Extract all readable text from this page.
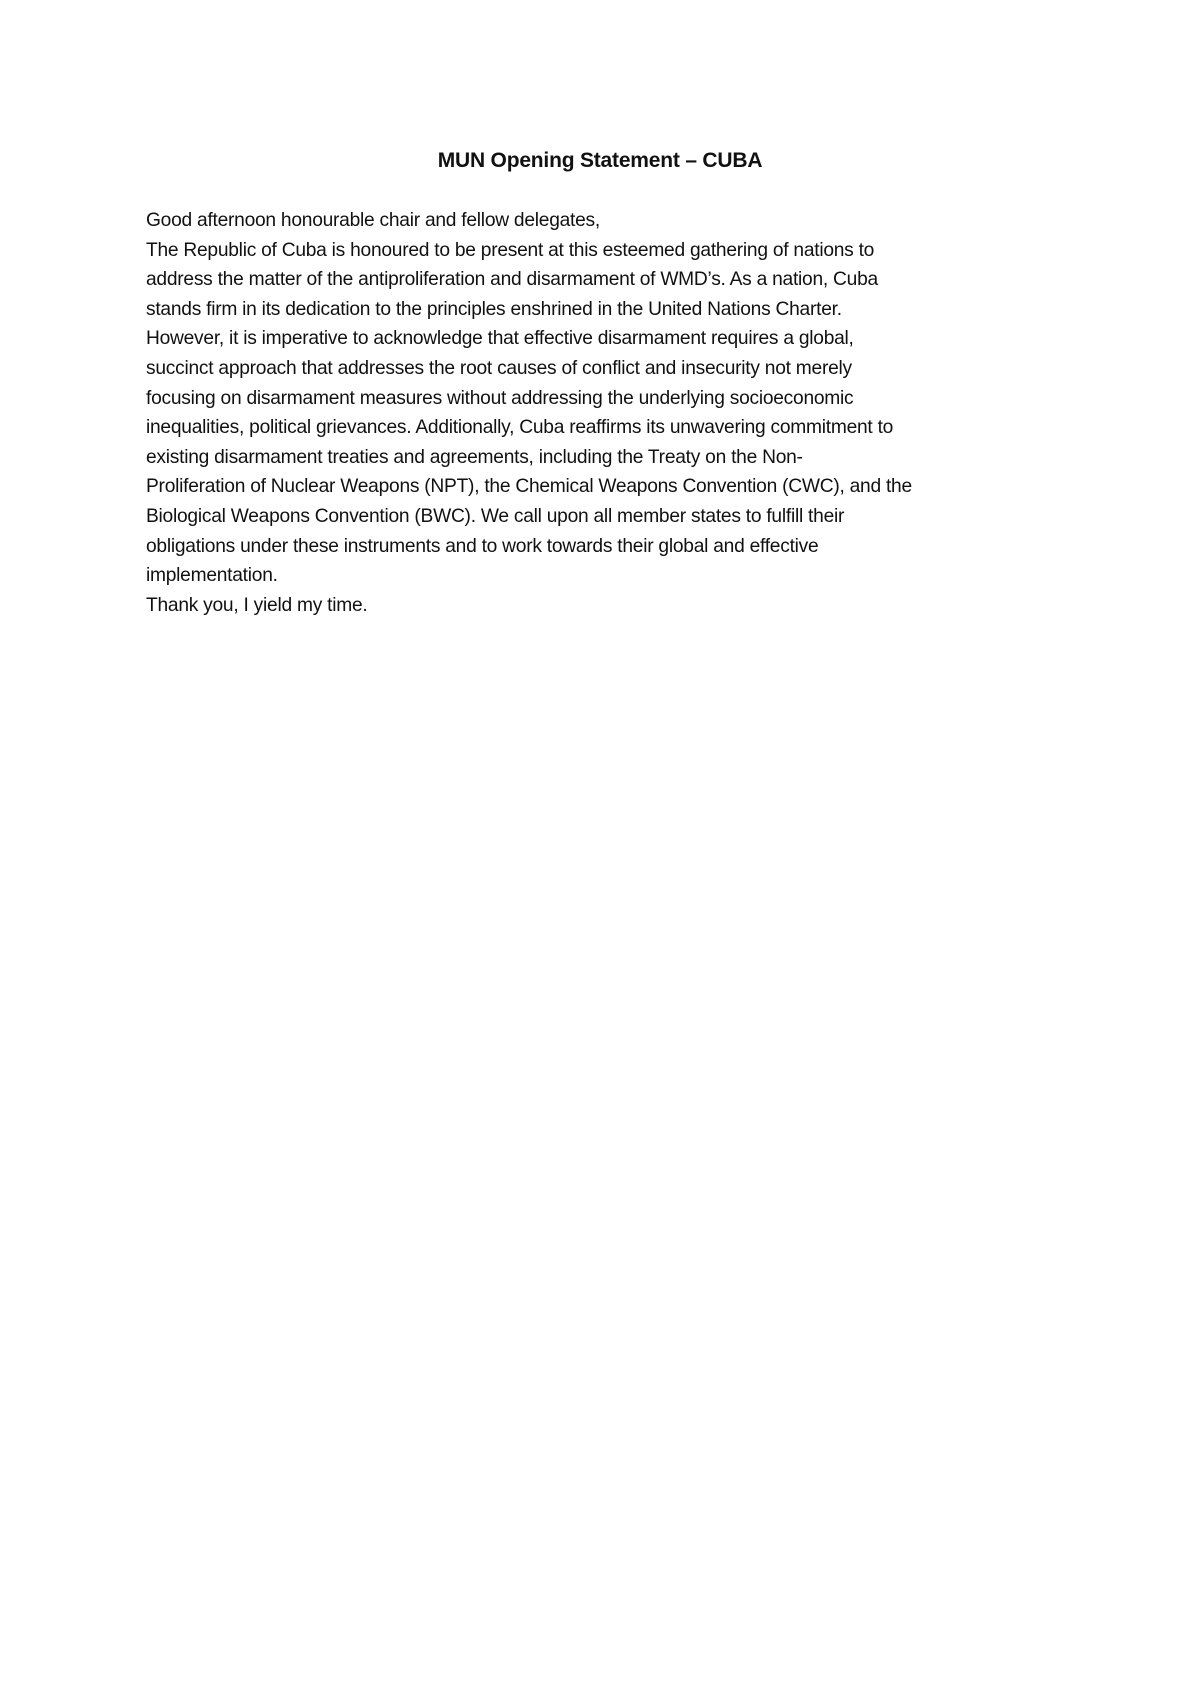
MUN Opening Statement – CUBA
Good afternoon honourable chair and fellow delegates,
The Republic of Cuba is honoured to be present at this esteemed gathering of nations to
address the matter of the antiproliferation and disarmament of WMD’s. As a nation, Cuba
stands firm in its dedication to the principles enshrined in the United Nations Charter.
However, it is imperative to acknowledge that effective disarmament requires a global,
succinct approach that addresses the root causes of conflict and insecurity not merely
focusing on disarmament measures without addressing the underlying socioeconomic
inequalities, political grievances. Additionally, Cuba reaffirms its unwavering commitment to
existing disarmament treaties and agreements, including the Treaty on the Non-
Proliferation of Nuclear Weapons (NPT), the Chemical Weapons Convention (CWC), and the
Biological Weapons Convention (BWC). We call upon all member states to fulfill their
obligations under these instruments and to work towards their global and effective
implementation.
Thank you, I yield my time.
